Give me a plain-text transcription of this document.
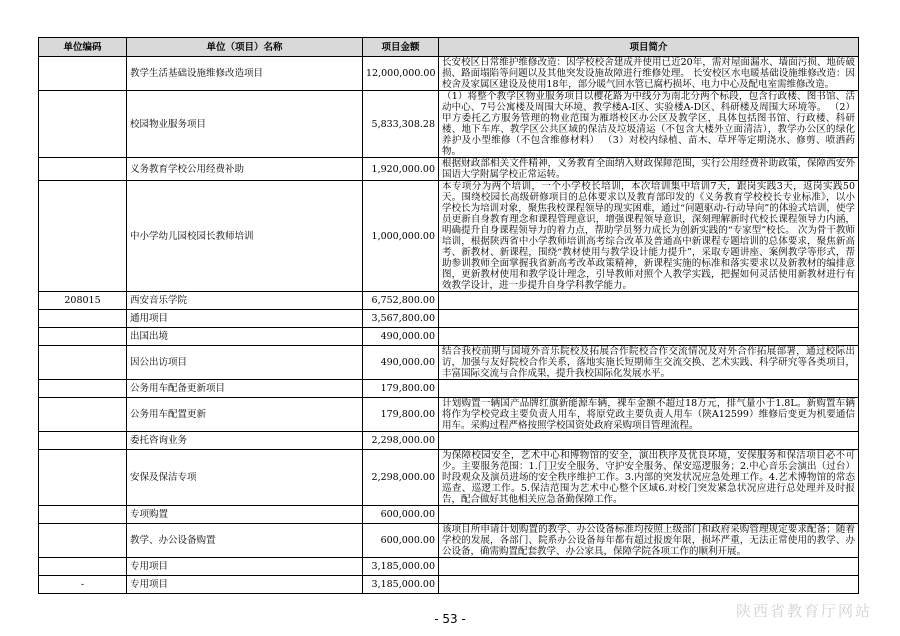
单位编码	单位（项目）名称	项目金额	项目简介
	教学生活基础设施维修改造项目	12,000,000.00	长安校区日常维护维修改造：因学校校舍建成并使用已近20年，需对屋面漏水、墙面污损、地砖破损、路面塌陷等问题以及其他突发设施故障进行维修处理。 长安校区水电暖基础设施维修改造：因校舍及家属区建设及使用18年，部分暖气回水管已腐朽损坏、电力中心及配电室需维修改造。
	校园物业服务项目	5,833,308.28	（1）将整个教学区物业服务项目以樱花路为中线分为南北分两个标段，包含行政楼、图书馆、活动中心、7号公寓楼及周围大环境、教学楼A-I区、实验楼A-D区、科研楼及周围大环境等。 （2）甲方委托乙方服务管理的物业范围为雁塔校区办公区及教学区，具体包括图书馆、行政楼、科研楼、地下车库、教学区公共区域的保洁及垃圾清运（不包含大楼外立面清洁），教学办公区的绿化养护及小型维修（不包含维修材料） （3）对校内绿植、苗木、草坪等定期浇水、修剪、喷洒药物。
	义务教育学校公用经费补助	1,920,000.00	根据财政部相关文件精神，义务教育全面纳入财政保障范围，实行公用经费补助政策，保障西安外国语大学附属学校正常运转。
	中小学幼儿园校园长教师培训	1,000,000.00	本专项分为两个培训，一个小学校长培训，本次培训集中培训7天，跟岗实践3天，返岗实践50天。围绕校园长高级研修项目的总体要求以及教育部印发的《义务教育学校校长专业标准》，以小学校长为培训对象，聚焦我校课程领导的现实困难，通过“问题驱动-行动导向”的体验式培训，使学员更新自身教育理念和课程管理意识，增强课程领导意识，深刻理解新时代校长课程领导力内涵，明确提升自身课程领导力的着力点，帮助学员努力成长为创新实践的“专家型”校长。 次为骨干教师培训，根据陕西省中小学教师培训高考综合改革及普通高中新课程专题培训的总体要求，聚焦新高考、新教材、新课程，围绕“教材使用与教学设计能力提升”，采取专题讲座、案例教学等形式，帮助参训教师全面掌握我省新高考改革政策精神，新课程实施的标准和落实要求以及新教材的编排意图，更新教材使用和教学设计理念，引导教师对照个人教学实践，把握如何灵活使用新教材进行有效教学设计，进一步提升自身学科教学能力。
208015	西安音乐学院	6,752,800.00	
	通用项目	3,567,800.00	
	出国出境	490,000.00	
	因公出访项目	490,000.00	结合我校前期与国境外音乐院校及拓展合作院校合作交流情况及对外合作拓展部署，通过校际出访，加强与友好院校合作关系，落地实施长短期师生交流交换、艺术实践、科学研究等各类项目，丰富国际交流与合作成果，提升我校国际化发展水平。
	公务用车配备更新项目	179,800.00	
	公务用车配置更新	179,800.00	计划购置一辆国产品牌红旗新能源车辆，裸车金额不超过18万元，排气量小于1.8L。新购置车辆将作为学校党政主要负责人用车，将原党政主要负责人用车（陕A12599）维修后变更为机要通信用车。采购过程严格按照学校国资处政府采购项目管理流程。
	委托咨询业务	2,298,000.00	
	安保及保洁专项	2,298,000.00	为保障校园安全，艺术中心和博物馆的安全，演出秩序及优良环境，安保服务和保洁项目必不可少。主要服务范围：1.门卫安全服务、守护安全服务、保安巡逻服务；2.中心音乐会演出（过台）时段观众及演员进场的安全秩序维护工作。3.内部的突发状况应急处理工作。4.艺术博物馆的常态巡查、巡逻工作。5.保洁范围为艺术中心整个区域6.对校门突发紧急状况应进行总处理并及时报告，配合做好其他相关应急备勤保障工作。
	专项购置	600,000.00	
	教学、办公设备购置	600,000.00	该项目所申请计划购置的教学、办公设备标准均按照上级部门和政府采购管理规定要求配备；随着学校的发展，各部门、院系办公设备每年都有超过报废年限，损坏严重，无法正常使用的教学、办公设备，确需购置配套教学、办公家具，保障学院各项工作的顺利开展。
	专用项目	3,185,000.00	
-	专用项目	3,185,000.00	
- 53 -	陕西省教育厅网站
